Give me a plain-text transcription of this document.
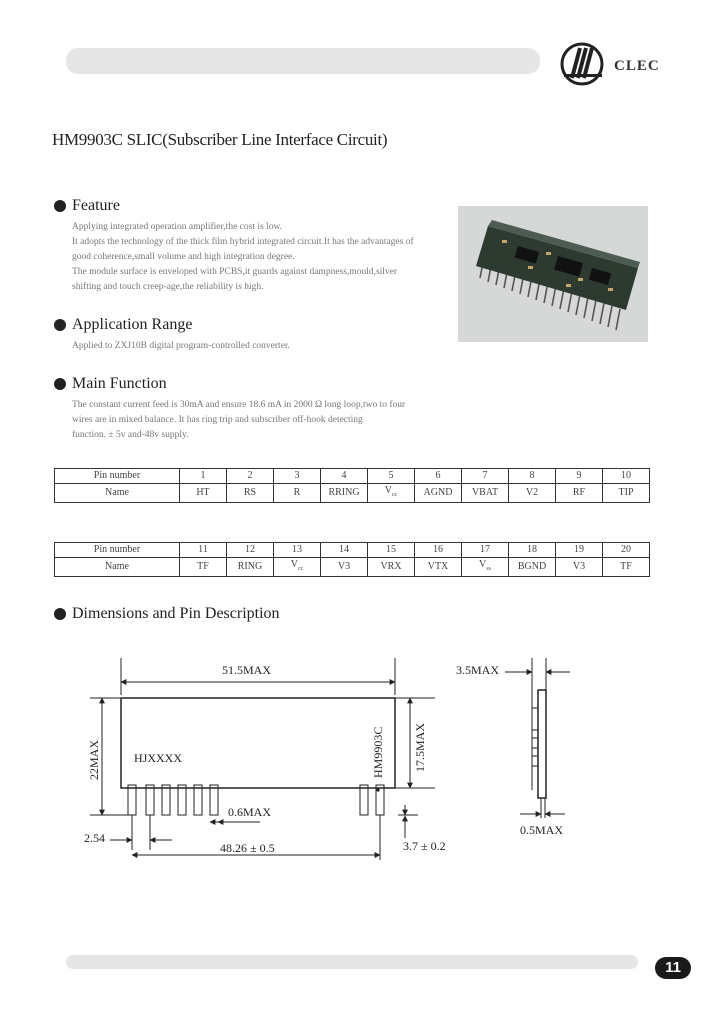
CLEC
HM9903C SLIC(Subscriber Line Interface Circuit)
Feature
Applying integrated operation amplifier,the cost is low.
It adopts the technology of the thick film hybrid integrated circuit.It has the advantages of
good coherence,small volume and high integration degree.
The module surface is enveloped with PCBS,it guards against dampness,mould,silver
shifting and touch creep-age,the reliability is high.
Application Range
Applied to ZXJ10B digital program-controlled converter.
Main Function
The constant current feed is 30mA and ensure 18.6 mA in 2000 Ω long loop,two to four
wires are in mixed balance. It has ring trip and subscriber off-hook detecting
function. ± 5v and-48v supply.
Pin number	1	2	3	4	5	6	7	8	9	10
Name	HT	RS	R	RRING	$V_{cc}$	AGND	VBAT	V2	RF	TIP
Pin number	11	12	13	14	15	16	17	18	19	20
Name	TF	RING	$V_{cc}$	V3	VRX	VTX	$V_{ss}$	BGND	V3	TF
Dimensions and Pin Description
51.5MAX
22MAX	17.5MAX
HM9903C
HJXXXX
0.6MAX
2.54
48.26 ± 0.5	3.7 ± 0.2
3.5MAX
0.5MAX
11
